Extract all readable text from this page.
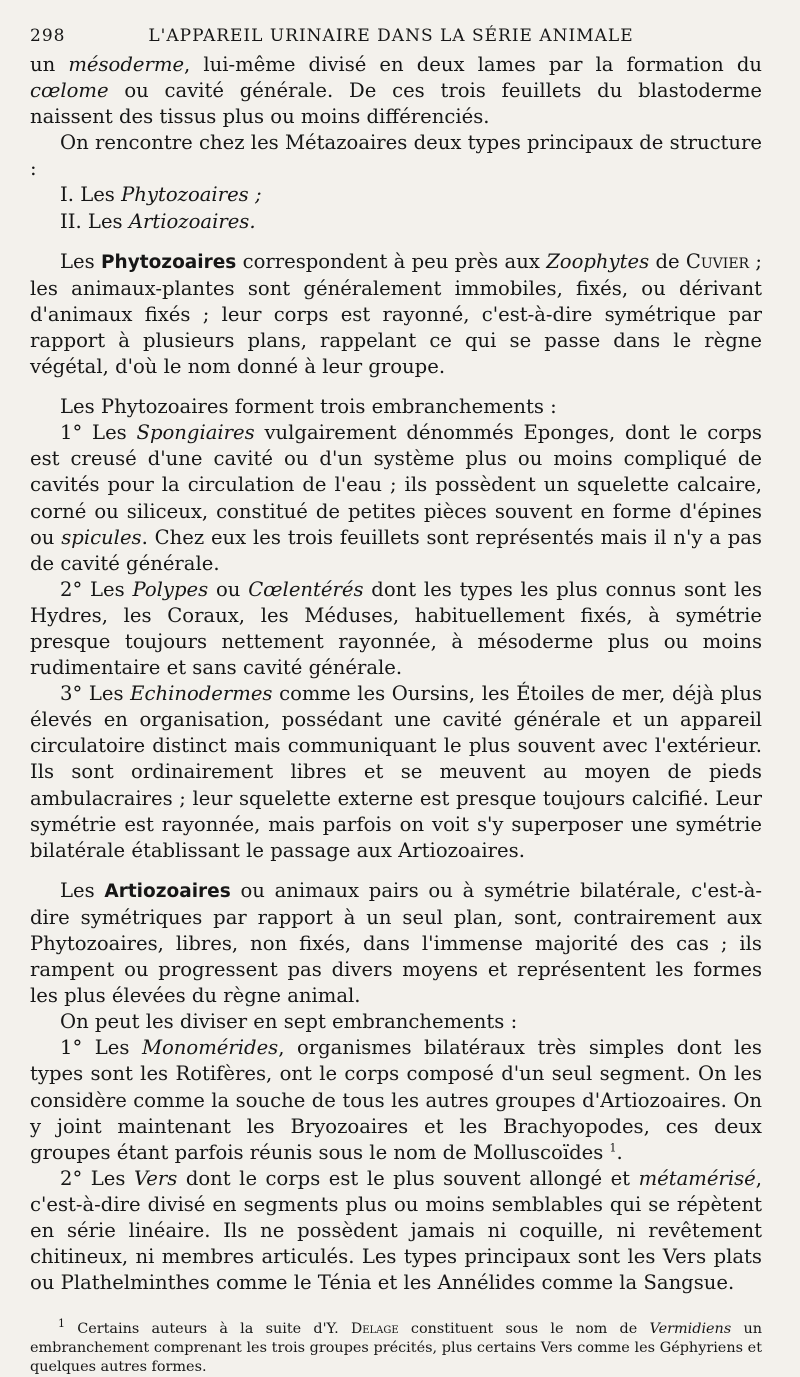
298	L'APPAREIL URINAIRE DANS LA SÉRIE ANIMALE

un mésoderme, lui-même divisé en deux lames par la formation du cœlome ou cavité générale. De ces trois feuillets du blastoderme naissent des tissus plus ou moins différenciés.

On rencontre chez les Métazoaires deux types principaux de structure :

I. Les Phytozoaires ;

II. Les Artiozoaires.

Les Phytozoaires correspondent à peu près aux Zoophytes de Cuvier ; les animaux-plantes sont généralement immobiles, fixés, ou dérivant d'animaux fixés ; leur corps est rayonné, c'est-à-dire symétrique par rapport à plusieurs plans, rappelant ce qui se passe dans le règne végétal, d'où le nom donné à leur groupe.

Les Phytozoaires forment trois embranchements :

1° Les Spongiaires vulgairement dénommés Eponges, dont le corps est creusé d'une cavité ou d'un système plus ou moins compliqué de cavités pour la circulation de l'eau ; ils possèdent un squelette calcaire, corné ou siliceux, constitué de petites pièces souvent en forme d'épines ou spicules. Chez eux les trois feuillets sont représentés mais il n'y a pas de cavité générale.

2° Les Polypes ou Cœlentérés dont les types les plus connus sont les Hydres, les Coraux, les Méduses, habituellement fixés, à symétrie presque toujours nettement rayonnée, à mésoderme plus ou moins rudimentaire et sans cavité générale.

3° Les Echinodermes comme les Oursins, les Étoiles de mer, déjà plus élevés en organisation, possédant une cavité générale et un appareil circulatoire distinct mais communiquant le plus souvent avec l'extérieur. Ils sont ordinairement libres et se meuvent au moyen de pieds ambulacraires ; leur squelette externe est presque toujours calcifié. Leur symétrie est rayonnée, mais parfois on voit s'y superposer une symétrie bilatérale établissant le passage aux Artiozoaires.

Les Artiozoaires ou animaux pairs ou à symétrie bilatérale, c'est-à-dire symétriques par rapport à un seul plan, sont, contrairement aux Phytozoaires, libres, non fixés, dans l'immense majorité des cas ; ils rampent ou progressent pas divers moyens et représentent les formes les plus élevées du règne animal.

On peut les diviser en sept embranchements :

1° Les Monomérides, organismes bilatéraux très simples dont les types sont les Rotifères, ont le corps composé d'un seul segment. On les considère comme la souche de tous les autres groupes d'Artiozoaires. On y joint maintenant les Bryozoaires et les Brachyopodes, ces deux groupes étant parfois réunis sous le nom de Molluscoïdes $^1$.

2° Les Vers dont le corps est le plus souvent allongé et métamérisé, c'est-à-dire divisé en segments plus ou moins semblables qui se répètent en série linéaire. Ils ne possèdent jamais ni coquille, ni revêtement chitineux, ni membres articulés. Les types principaux sont les Vers plats ou Plathelminthes comme le Ténia et les Annélides comme la Sangsue.

$^1$ Certains auteurs à la suite d'Y. Delage constituent sous le nom de Vermidiens un embranchement comprenant les trois groupes précités, plus certains Vers comme les Géphyriens et quelques autres formes.
